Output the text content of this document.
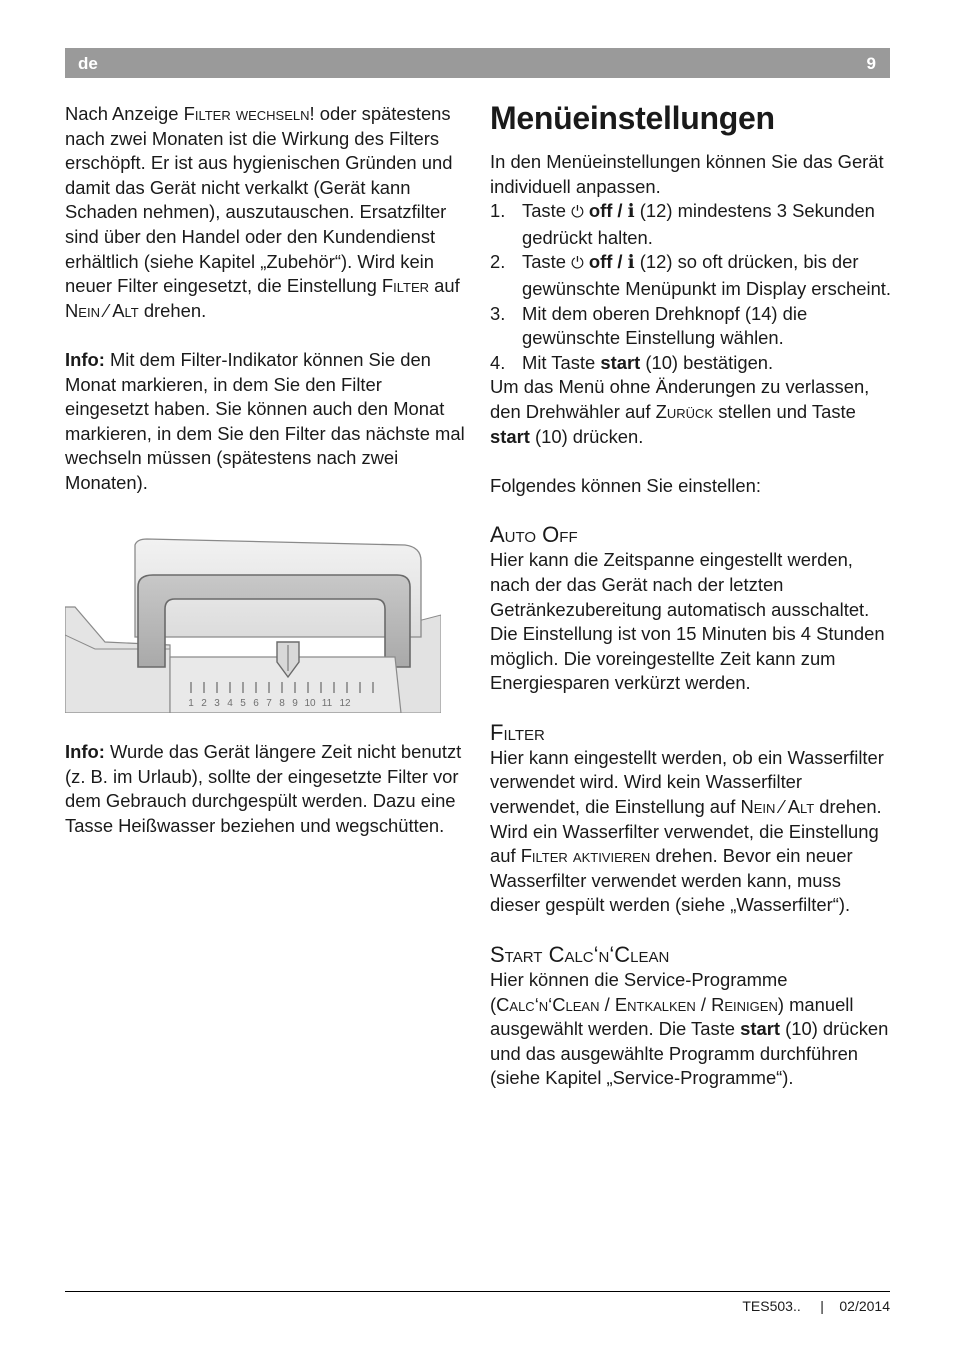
de	9

Nach Anzeige Filter wechseln! oder spätestens nach zwei Monaten ist die Wirkung des Filters erschöpft. Er ist aus hygienischen Gründen und damit das Gerät nicht verkalkt (Gerät kann Schaden nehmen), auszutauschen. Ersatzfilter sind über den Handel oder den Kundendienst erhältlich (siehe Kapitel „Zubehör“). Wird kein neuer Filter eingesetzt, die Einstellung Filter auf Nein ⁄ Alt drehen.

Info: Mit dem Filter-Indikator können Sie den Monat markieren, in dem Sie den Filter eingesetzt haben. Sie können auch den Monat markieren, in dem Sie den Filter das nächste mal wechseln müssen (spätestens nach zwei Monaten).

1 2 3 4 5 6 7 8 9 10 11 12

Info: Wurde das Gerät längere Zeit nicht benutzt (z. B. im Urlaub), sollte der eingesetzte Filter vor dem Gebrauch durchgespült werden. Dazu eine Tasse Heißwasser beziehen und wegschütten.

Menüeinstellungen

In den Menüeinstellungen können Sie das Gerät individuell anpassen.

1. Taste ⏻ off / i (12) mindestens 3 Sekunden gedrückt halten.
2. Taste ⏻ off / i (12) so oft drücken, bis der gewünschte Menüpunkt im Display erscheint.
3. Mit dem oberen Drehknopf (14) die gewünschte Einstellung wählen.
4. Mit Taste start (10) bestätigen.

Um das Menü ohne Änderungen zu verlassen, den Drehwähler auf Zurück stellen und Taste start (10) drücken.

Folgendes können Sie einstellen:

Auto Off

Hier kann die Zeitspanne eingestellt werden, nach der das Gerät nach der letzten Getränkezubereitung automatisch ausschaltet. Die Einstellung ist von 15 Minuten bis 4 Stunden möglich. Die voreingestellte Zeit kann zum Energiesparen verkürzt werden.

Filter

Hier kann eingestellt werden, ob ein Wasserfilter verwendet wird. Wird kein Wasserfilter verwendet, die Einstellung auf Nein ⁄ Alt drehen. Wird ein Wasserfilter verwendet, die Einstellung auf Filter aktivieren drehen. Bevor ein neuer Wasserfilter verwendet werden kann, muss dieser gespült werden (siehe „Wasserfilter“).

Start Calc‘n‘Clean

Hier können die Service-Programme (Calc‘n‘Clean / Entkalken / Reinigen) manuell ausgewählt werden. Die Taste start (10) drücken und das ausgewählte Programm durchführen (siehe Kapitel „Service-Programme“).

TES503.. | 02/2014
